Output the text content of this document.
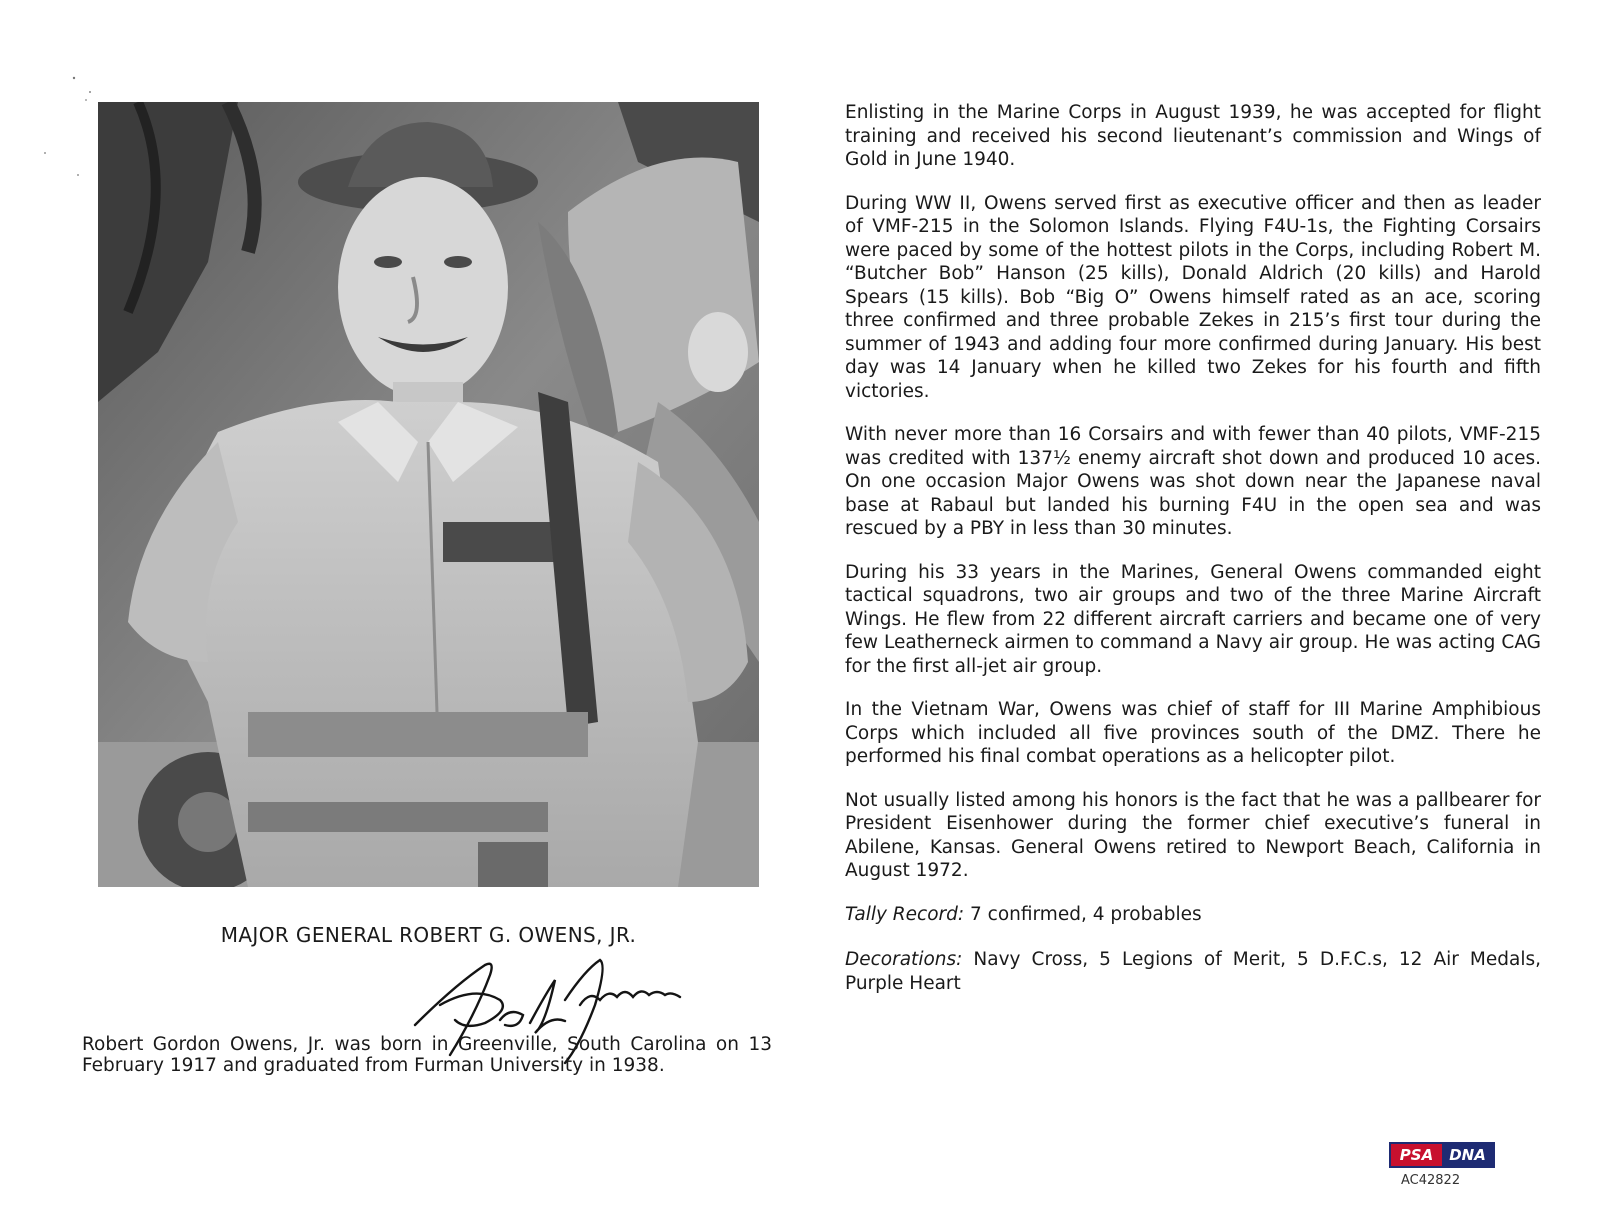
MAJOR GENERAL ROBERT G. OWENS, JR.

Robert Gordon Owens, Jr. was born in Greenville, South Carolina on 13 February 1917 and graduated from Furman University in 1938.

Enlisting in the Marine Corps in August 1939, he was accepted for flight training and received his second lieutenant’s commission and Wings of Gold in June 1940.

During WW II, Owens served first as executive officer and then as leader of VMF-215 in the Solomon Islands. Flying F4U-1s, the Fighting Corsairs were paced by some of the hottest pilots in the Corps, including Robert M. “Butcher Bob” Hanson (25 kills), Donald Aldrich (20 kills) and Harold Spears (15 kills). Bob “Big O” Owens himself rated as an ace, scoring three confirmed and three probable Zekes in 215’s first tour during the summer of 1943 and adding four more confirmed during January. His best day was 14 January when he killed two Zekes for his fourth and fifth victories.

With never more than 16 Corsairs and with fewer than 40 pilots, VMF-215 was credited with 137½ enemy aircraft shot down and produced 10 aces. On one occasion Major Owens was shot down near the Japanese naval base at Rabaul but landed his burning F4U in the open sea and was rescued by a PBY in less than 30 minutes.

During his 33 years in the Marines, General Owens commanded eight tactical squadrons, two air groups and two of the three Marine Aircraft Wings. He flew from 22 different aircraft carriers and became one of very few Leatherneck airmen to command a Navy air group. He was acting CAG for the first all-jet air group.

In the Vietnam War, Owens was chief of staff for III Marine Amphibious Corps which included all five provinces south of the DMZ. There he performed his final combat operations as a helicopter pilot.

Not usually listed among his honors is the fact that he was a pallbearer for President Eisenhower during the former chief executive’s funeral in Abilene, Kansas. General Owens retired to Newport Beach, California in August 1972.

Tally Record: 7 confirmed, 4 probables

Decorations: Navy Cross, 5 Legions of Merit, 5 D.F.C.s, 12 Air Medals, Purple Heart

PSA	DNA
AC42822
